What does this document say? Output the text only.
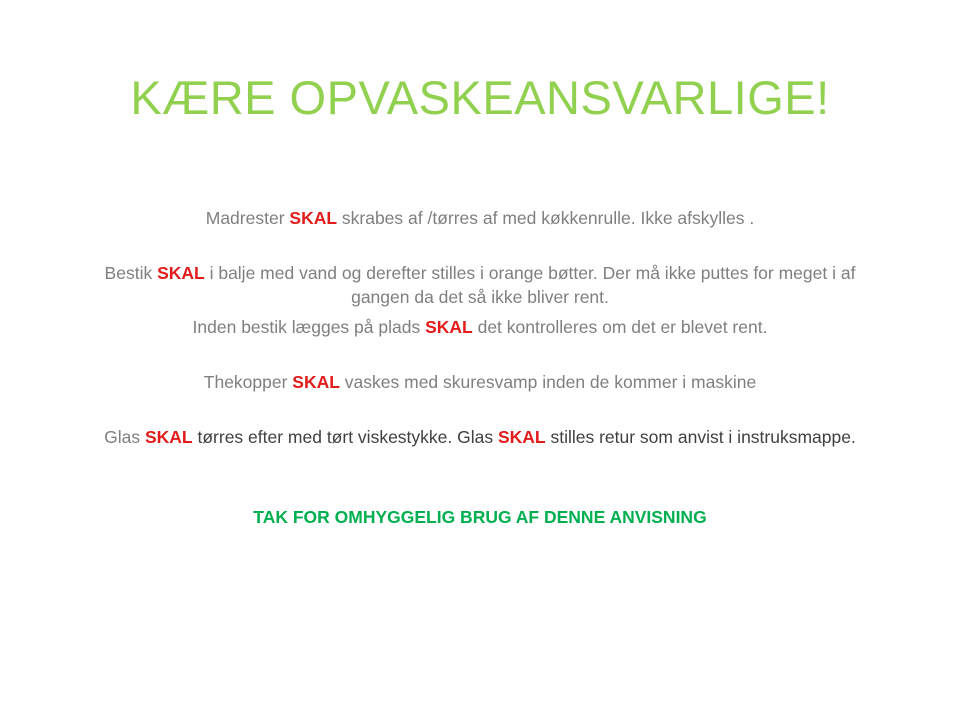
KÆRE OPVASKEANSVARLIGE!

Madrester SKAL skrabes af /tørres af med køkkenrulle. Ikke afskylles .

Bestik SKAL i balje med vand og derefter stilles i orange bøtter. Der må ikke puttes for meget i af gangen da det så ikke bliver rent.

Inden bestik lægges på plads SKAL det kontrolleres om det er blevet rent.

Thekopper SKAL vaskes med skuresvamp inden de kommer i maskine

Glas SKAL tørres efter med tørt viskestykke. Glas SKAL stilles retur som anvist i instruksmappe.

TAK FOR OMHYGGELIG BRUG AF DENNE ANVISNING
